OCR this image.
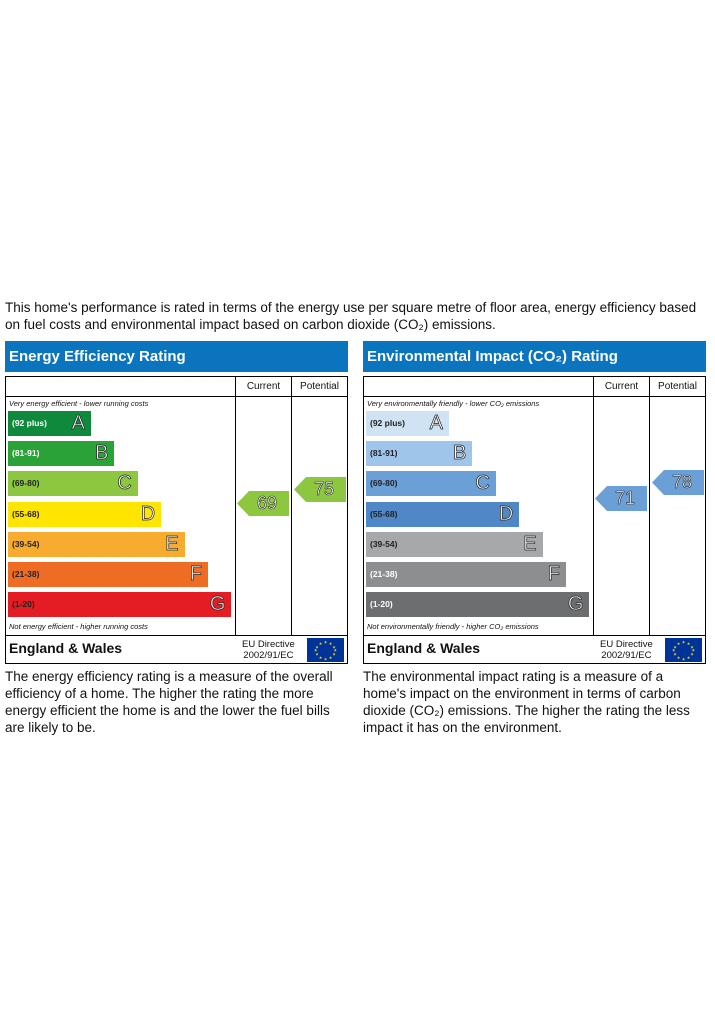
This home's performance is rated in terms of the energy use per square metre of floor area, energy efficiency based on fuel costs and environmental impact based on carbon dioxide (CO₂) emissions.
Energy Efficiency Rating
Current	Potential
Very energy efficient - lower running costs
Not energy efficient - higher running costs
England & Wales	EU Directive
2002/91/EC
★ ★
★
★
★
★
★
★
★
★
★
★
(92 plus) A
(81-91)	B
(69-80)	C
(55-68)	D
(39-54)	E
(21-38)	F
(1-20)	G
69
75
Environmental Impact (CO₂) Rating
Current	Potential
Very environmentally friendly - lower CO₂ emissions
Not environmentally friendly - higher CO₂ emissions
England & Wales	EU Directive
2002/91/EC
★ ★
★
★
★
★
★
★
★
★
★
★
(92 plus) A
(81-91)	B
(69-80)	C
(55-68)	D
(39-54)	E
(21-38)	F
(1-20)	G
71
78
The energy efficiency rating is a measure of the overall efficiency of a home. The higher the rating the more energy efficient the home is and the lower the fuel bills are likely to be.
The environmental impact rating is a measure of a home's impact on the environment in terms of carbon dioxide (CO₂) emissions. The higher the rating the less impact it has on the environment.
